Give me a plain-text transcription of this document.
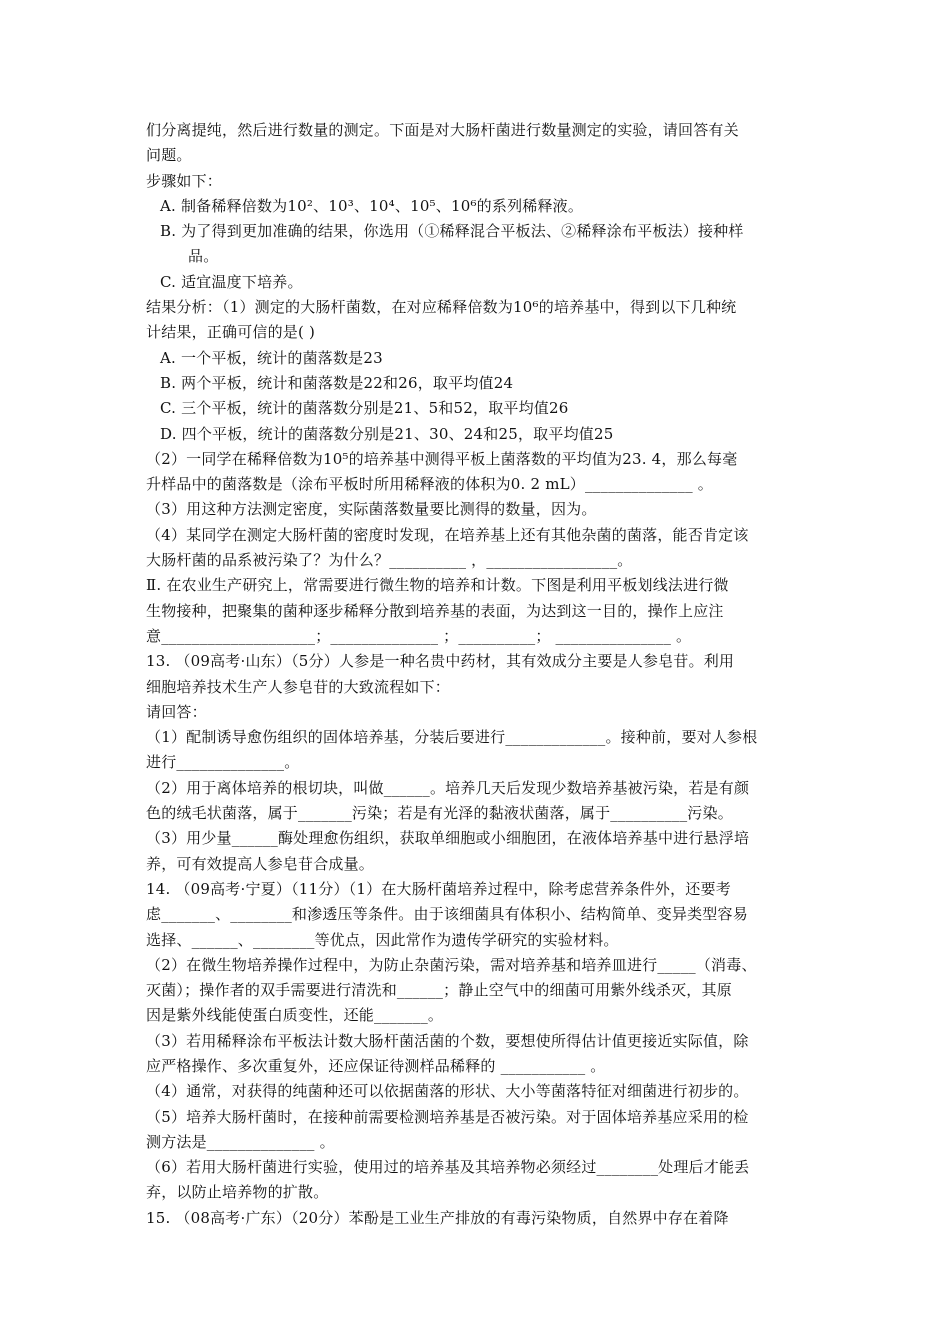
们分离提纯，然后进行数量的测定。下面是对大肠杆菌进行数量测定的实验，请回答有关
问题。
步骤如下：
A. 制备稀释倍数为10²、10³、10⁴、10⁵、10⁶的系列稀释液。
B. 为了得到更加准确的结果，你选用（①稀释混合平板法、②稀释涂布平板法）接种样
品。
C. 适宜温度下培养。
结果分析：（1）测定的大肠杆菌数，在对应稀释倍数为10⁶的培养基中，得到以下几种统
计结果，正确可信的是( )
A. 一个平板，统计的菌落数是23
B. 两个平板，统计和菌落数是22和26，取平均值24
C. 三个平板，统计的菌落数分别是21、5和52，取平均值26
D. 四个平板，统计的菌落数分别是21、30、24和25，取平均值25
（2）一同学在稀释倍数为10⁵的培养基中测得平板上菌落数的平均值为23. 4，那么每毫
升样品中的菌落数是（涂布平板时所用稀释液的体积为0. 2 mL）______________ 。
（3）用这种方法测定密度，实际菌落数量要比测得的数量，因为。
（4）某同学在测定大肠杆菌的密度时发现，在培养基上还有其他杂菌的菌落，能否肯定该
大肠杆菌的品系被污染了？为什么？__________ ，_________________。
Ⅱ. 在农业生产研究上，常需要进行微生物的培养和计数。下图是利用平板划线法进行微
生物接种，把聚集的菌种逐步稀释分散到培养基的表面，为达到这一目的，操作上应注
意____________________；______________ ；__________； _______________ 。
13. （09高考·山东）（5分）人参是一种名贵中药材，其有效成分主要是人参皂苷。利用
细胞培养技术生产人参皂苷的大致流程如下：
请回答：
（1）配制诱导愈伤组织的固体培养基，分装后要进行_____________。接种前，要对人参根
进行______________。
（2）用于离体培养的根切块，叫做______。培养几天后发现少数培养基被污染，若是有颜
色的绒毛状菌落，属于_______污染；若是有光泽的黏液状菌落，属于__________污染。
（3）用少量______酶处理愈伤组织，获取单细胞或小细胞团，在液体培养基中进行悬浮培
养，可有效提高人参皂苷合成量。
14. （09高考·宁夏）（11分）（1）在大肠杆菌培养过程中，除考虑营养条件外，还要考
虑_______、________和渗透压等条件。由于该细菌具有体积小、结构简单、变异类型容易
选择、______、________等优点，因此常作为遗传学研究的实验材料。
（2）在微生物培养操作过程中，为防止杂菌污染，需对培养基和培养皿进行_____（消毒、
灭菌）；操作者的双手需要进行清洗和______；静止空气中的细菌可用紫外线杀灭，其原
因是紫外线能使蛋白质变性，还能_______。
（3）若用稀释涂布平板法计数大肠杆菌活菌的个数，要想使所得估计值更接近实际值，除
应严格操作、多次重复外，还应保证待测样品稀释的 ___________ 。
（4）通常，对获得的纯菌种还可以依据菌落的形状、大小等菌落特征对细菌进行初步的。
（5）培养大肠杆菌时，在接种前需要检测培养基是否被污染。对于固体培养基应采用的检
测方法是______________ 。
（6）若用大肠杆菌进行实验，使用过的培养基及其培养物必须经过________处理后才能丢
弃，以防止培养物的扩散。
15. （08高考·广东）（20分）苯酚是工业生产排放的有毒污染物质，自然界中存在着降
